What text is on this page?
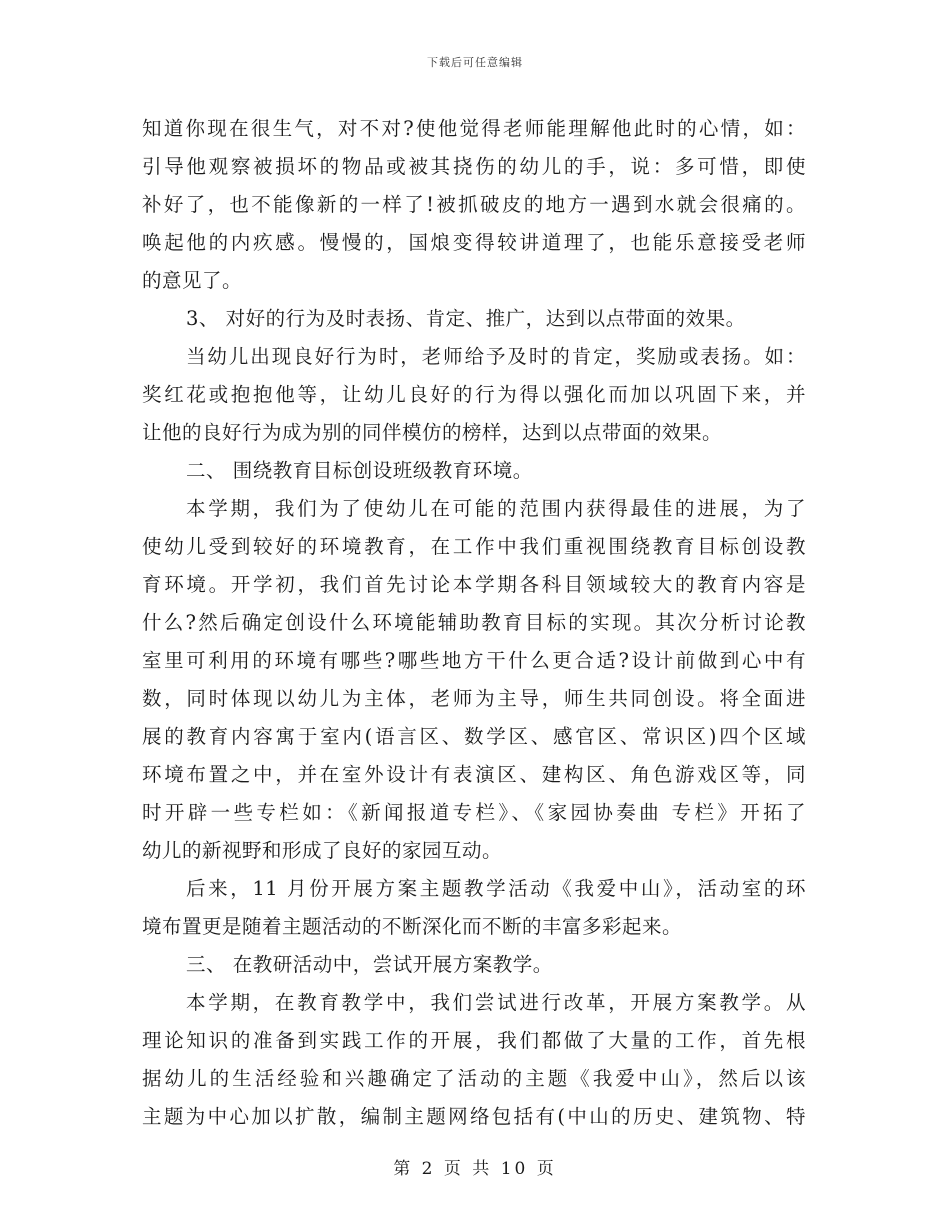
下载后可任意编辑
知道你现在很生气，对不对?使他觉得老师能理解他此时的心情，如：
引导他观察被损坏的物品或被其挠伤的幼儿的手，说：多可惜，即使
补好了，也不能像新的一样了!被抓破皮的地方一遇到水就会很痛的。
唤起他的内疚感。慢慢的，国烺变得较讲道理了，也能乐意接受老师
的意见了。
3、 对好的行为及时表扬、肯定、推广，达到以点带面的效果。
当幼儿出现良好行为时，老师给予及时的肯定，奖励或表扬。如：
奖红花或抱抱他等，让幼儿良好的行为得以强化而加以巩固下来，并
让他的良好行为成为别的同伴模仿的榜样，达到以点带面的效果。
二、 围绕教育目标创设班级教育环境。
本学期，我们为了使幼儿在可能的范围内获得最佳的进展，为了
使幼儿受到较好的环境教育，在工作中我们重视围绕教育目标创设教
育环境。开学初，我们首先讨论本学期各科目领域较大的教育内容是
什么?然后确定创设什么环境能辅助教育目标的实现。其次分析讨论教
室里可利用的环境有哪些?哪些地方干什么更合适?设计前做到心中有
数，同时体现以幼儿为主体，老师为主导，师生共同创设。将全面进
展的教育内容寓于室内(语言区、数学区、感官区、常识区)四个区域
环境布置之中，并在室外设计有表演区、建构区、角色游戏区等，同
时开辟一些专栏如：《新闻报道专栏》、《家园协奏曲 专栏》开拓了
幼儿的新视野和形成了良好的家园互动。
后来，11 月份开展方案主题教学活动《我爱中山》，活动室的环
境布置更是随着主题活动的不断深化而不断的丰富多彩起来。
三、 在教研活动中，尝试开展方案教学。
本学期，在教育教学中，我们尝试进行改革，开展方案教学。从
理论知识的准备到实践工作的开展，我们都做了大量的工作，首先根
据幼儿的生活经验和兴趣确定了活动的主题《我爱中山》，然后以该
主题为中心加以扩散，编制主题网络包括有(中山的历史、建筑物、特
第 2 页 共 10 页
